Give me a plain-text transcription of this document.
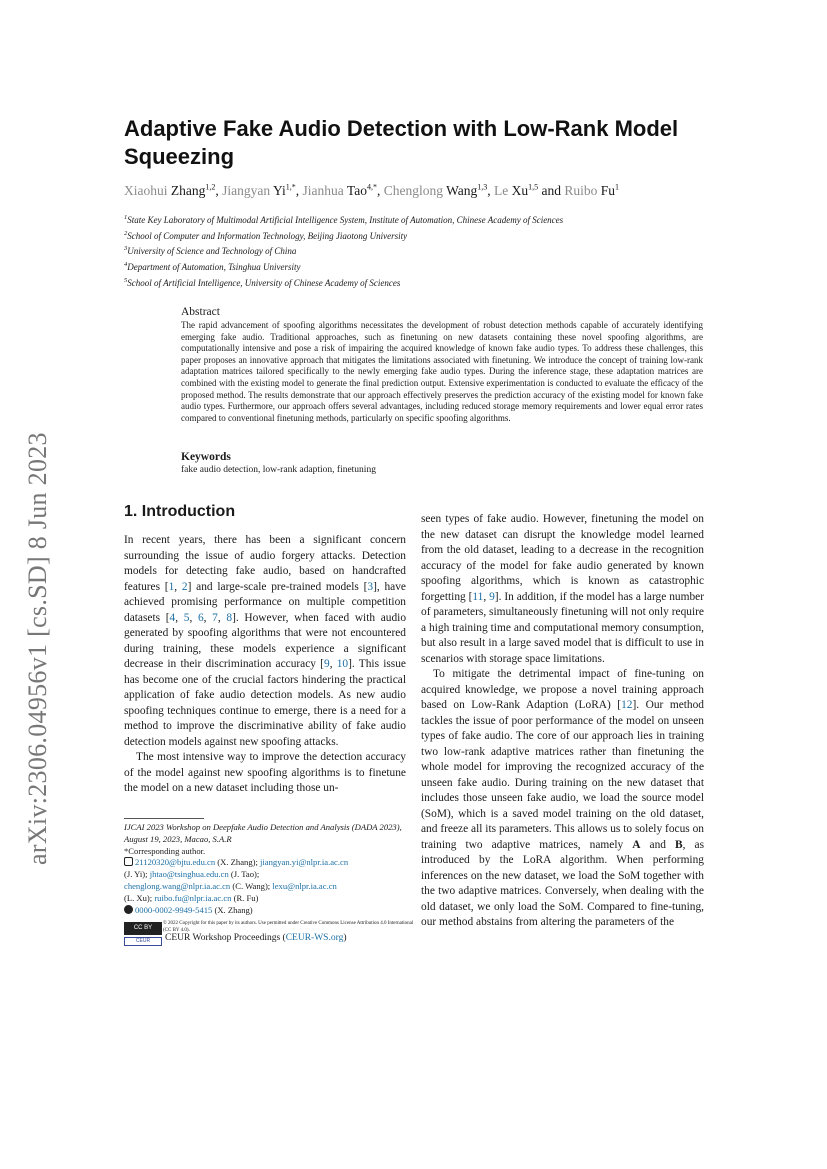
arXiv:2306.04956v1 [cs.SD] 8 Jun 2023
Adaptive Fake Audio Detection with Low-Rank Model Squeezing
Xiaohui Zhang$^{1,2}$, Jiangyan $Yi^{1,*}$, Jianhua Tao$^{4,*}$, Chenglong Wang$^{1,3}$, Le Xu$^{1,5}$ and Ruibo Fu$^1$
$^1$State Key Laboratory of Multimodal Artificial Intelligence System, Institute of Automation, Chinese Academy of Sciences
$^2$School of Computer and Information Technology, Beijing Jiaotong University
$^3$University of Science and Technology of China
$^4$Department of Automation, Tsinghua University
$^5$School of Artificial Intelligence, University of Chinese Academy of Sciences
Abstract
The rapid advancement of spoofing algorithms necessitates the development of robust detection methods capable of accurately identifying emerging fake audio. Traditional approaches, such as finetuning on new datasets containing these novel spoofing algorithms, are computationally intensive and pose a risk of impairing the acquired knowledge of known fake audio types. To address these challenges, this paper proposes an innovative approach that mitigates the limitations associated with finetuning. We introduce the concept of training low-rank adaptation matrices tailored specifically to the newly emerging fake audio types. During the inference stage, these adaptation matrices are combined with the existing model to generate the final prediction output. Extensive experimentation is conducted to evaluate the efficacy of the proposed method. The results demonstrate that our approach effectively preserves the prediction accuracy of the existing model for known fake audio types. Furthermore, our approach offers several advantages, including reduced storage memory requirements and lower equal error rates compared to conventional finetuning methods, particularly on specific spoofing algorithms.
Keywords
fake audio detection, low-rank adaption, finetuning
1. Introduction

In recent years, there has been a significant concern surrounding the issue of audio forgery attacks. Detection models for detecting fake audio, based on handcrafted features [1, 2] and large-scale pre-trained models [3], have achieved promising performance on multiple competition datasets [4, 5, 6, 7, 8]. However, when faced with audio generated by spoofing algorithms that were not encountered during training, these models experience a significant decrease in their discrimination accuracy [9, 10]. This issue has become one of the crucial factors hindering the practical application of fake audio detection models. As new audio spoofing techniques continue to emerge, there is a need for a method to improve the discriminative ability of fake audio detection models against new spoofing attacks.

The most intensive way to improve the detection accuracy of the model against new spoofing algorithms is to finetune the model on a new dataset including those un-

seen types of fake audio. However, finetuning the model on the new dataset can disrupt the knowledge model learned from the old dataset, leading to a decrease in the recognition accuracy of the model for fake audio generated by known spoofing algorithms, which is known as catastrophic forgetting [11, 9]. In addition, if the model has a large number of parameters, simultaneously finetuning will not only require a high training time and computational memory consumption, but also result in a large saved model that is difficult to use in scenarios with storage space limitations.

To mitigate the detrimental impact of fine-tuning on acquired knowledge, we propose a novel training approach based on Low-Rank Adaption (LoRA) [12]. Our method tackles the issue of poor performance of the model on unseen types of fake audio. The core of our approach lies in training two low-rank adaptive matrices rather than finetuning the whole model for improving the recognized accuracy of the unseen fake audio. During training on the new dataset that includes those unseen fake audio, we load the source model (SoM), which is a saved model training on the old dataset, and freeze all its parameters. This allows us to solely focus on training two adaptive matrices, namely A and B, as introduced by the LoRA algorithm. When performing inferences on the new dataset, we load the SoM together with the two adaptive matrices. Conversely, when dealing with the old dataset, we only load the SoM. Compared to fine-tuning, our method abstains from altering the parameters of the

IJCAI 2023 Workshop on Deepfake Audio Detection and Analysis (DADA 2023), August 19, 2023, Macao, S.A.R

*Corresponding author.

21120320@bjtu.edu.cn (X. Zhang); jiangyan.yi@nlpr.ia.ac.cn

(J. Yi); jhtao@tsinghua.edu.cn (J. Tao);

chenglong.wang@nlpr.ia.ac.cn (C. Wang); lexu@nlpr.ia.ac.cn

(L. Xu); ruibo.fu@nlpr.ia.ac.cn (R. Fu)

0000-0002-9949-5415 (X. Zhang)

CC BY
© 2022 Copyright for this paper by its authors. Use permitted under Creative Commons License Attribution 4.0 International (CC BY 4.0).
CEUR	CEUR Workshop Proceedings (CEUR-WS.org)
